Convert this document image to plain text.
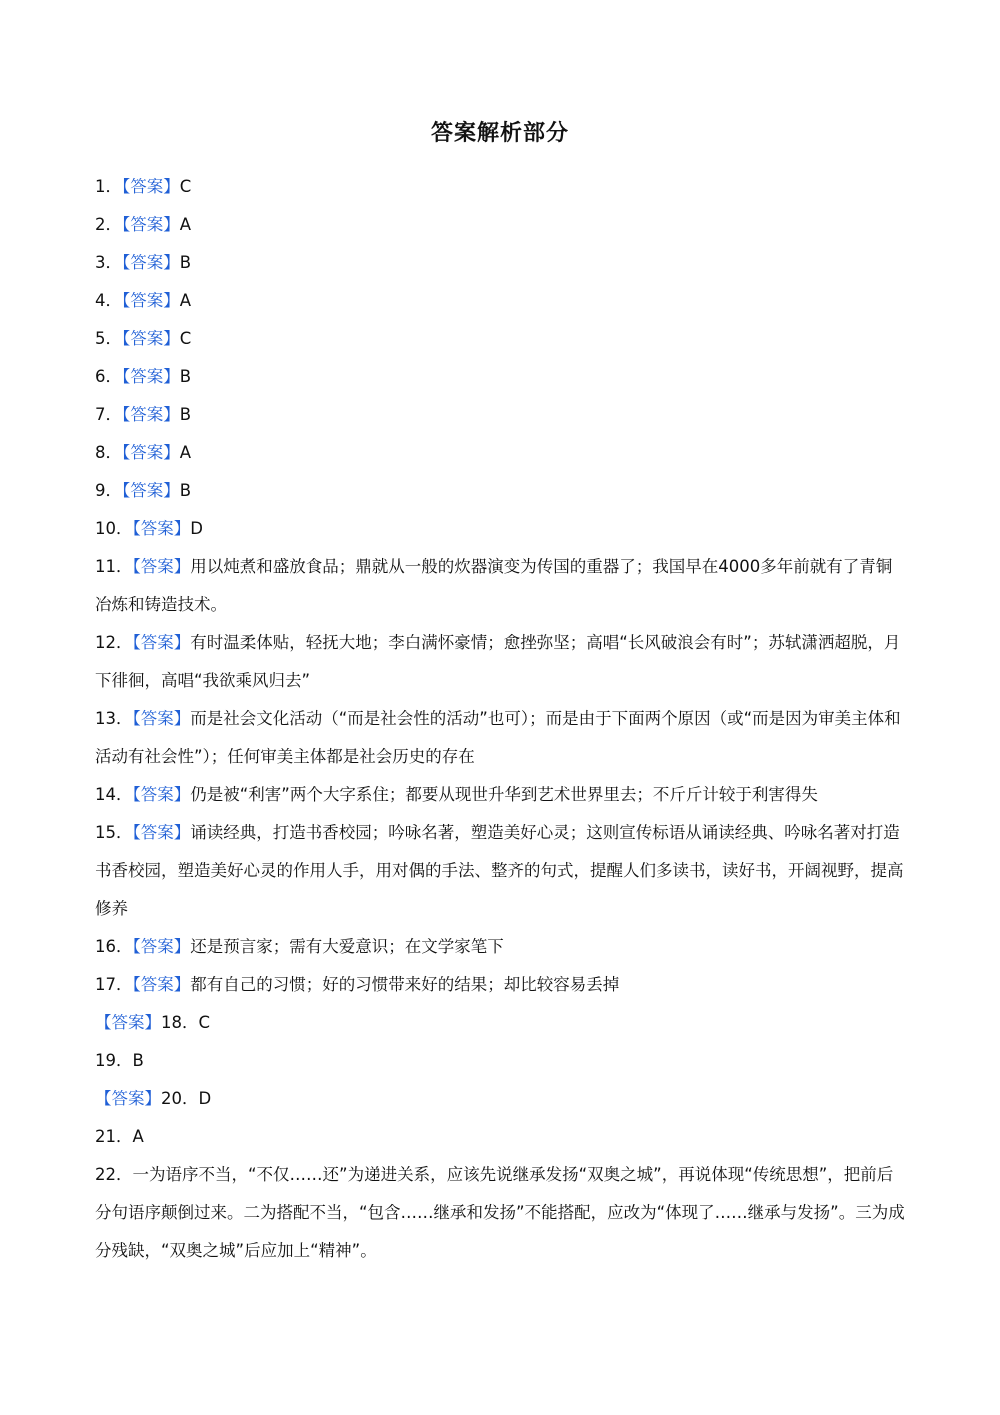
答案解析部分
1．【答案】C
2．【答案】A
3．【答案】B
4．【答案】A
5．【答案】C
6．【答案】B
7．【答案】B
8．【答案】A
9．【答案】B
10．【答案】D
11．【答案】用以炖煮和盛放食品；鼎就从一般的炊器演变为传国的重器了；我国早在4000多年前就有了青铜冶炼和铸造技术。
12．【答案】有时温柔体贴，轻抚大地；李白满怀豪情；愈挫弥坚；高唱“长风破浪会有时”；苏轼潇洒超脱，月下徘徊，高唱“我欲乘风归去”
13．【答案】而是社会文化活动（“而是社会性的活动”也可）；而是由于下面两个原因（或“而是因为审美主体和活动有社会性”）；任何审美主体都是社会历史的存在
14．【答案】仍是被“利害”两个大字系住；都要从现世升华到艺术世界里去；不斤斤计较于利害得失
15．【答案】诵读经典，打造书香校园；吟咏名著，塑造美好心灵；这则宣传标语从诵读经典、吟咏名著对打造书香校园，塑造美好心灵的作用人手，用对偶的手法、整齐的句式，提醒人们多读书，读好书，开阔视野，提高修养
16．【答案】还是预言家；需有大爱意识；在文学家笔下
17．【答案】都有自己的习惯；好的习惯带来好的结果；却比较容易丢掉
【答案】18．C
19．B
【答案】20．D
21．A
22．一为语序不当，“不仅……还”为递进关系，应该先说继承发扬“双奥之城”，再说体现“传统思想”，把前后分句语序颠倒过来。二为搭配不当，“包含……继承和发扬”不能搭配，应改为“体现了……继承与发扬”。三为成分残缺，“双奥之城”后应加上“精神”。
